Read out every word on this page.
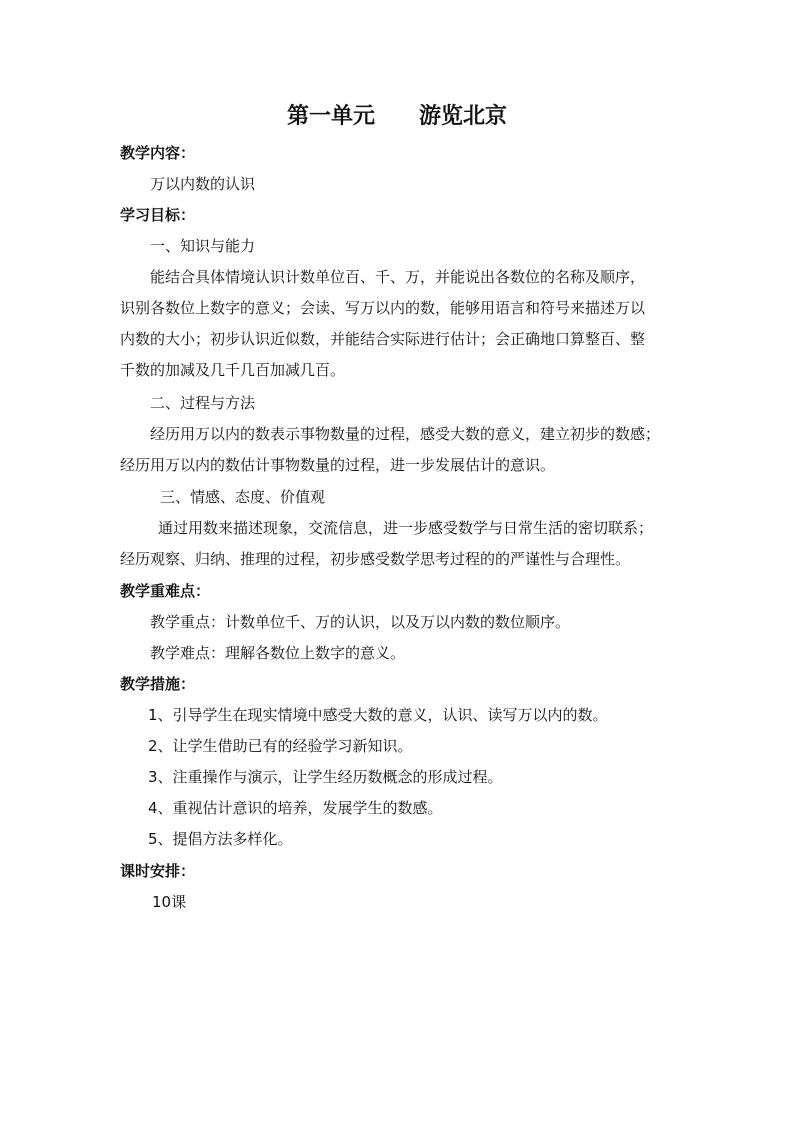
第一单元　　游览北京

教学内容：

万以内数的认识

学习目标：

一、知识与能力

能结合具体情境认识计数单位百、千、万，并能说出各数位的名称及顺序，

识别各数位上数字的意义；会读、写万以内的数，能够用语言和符号来描述万以

内数的大小；初步认识近似数，并能结合实际进行估计；会正确地口算整百、整

千数的加减及几千几百加减几百。

二、过程与方法

经历用万以内的数表示事物数量的过程，感受大数的意义，建立初步的数感；

经历用万以内的数估计事物数量的过程，进一步发展估计的意识。

三、情感、态度、价值观

通过用数来描述现象，交流信息，进一步感受数学与日常生活的密切联系；

经历观察、归纳、推理的过程，初步感受数学思考过程的的严谨性与合理性。

教学重难点：

教学重点：计数单位千、万的认识，以及万以内数的数位顺序。

教学难点：理解各数位上数字的意义。

教学措施：

1、引导学生在现实情境中感受大数的意义，认识、读写万以内的数。

2、让学生借助已有的经验学习新知识。

3、注重操作与演示，让学生经历数概念的形成过程。

4、重视估计意识的培养，发展学生的数感。

5、提倡方法多样化。

课时安排：

10课
